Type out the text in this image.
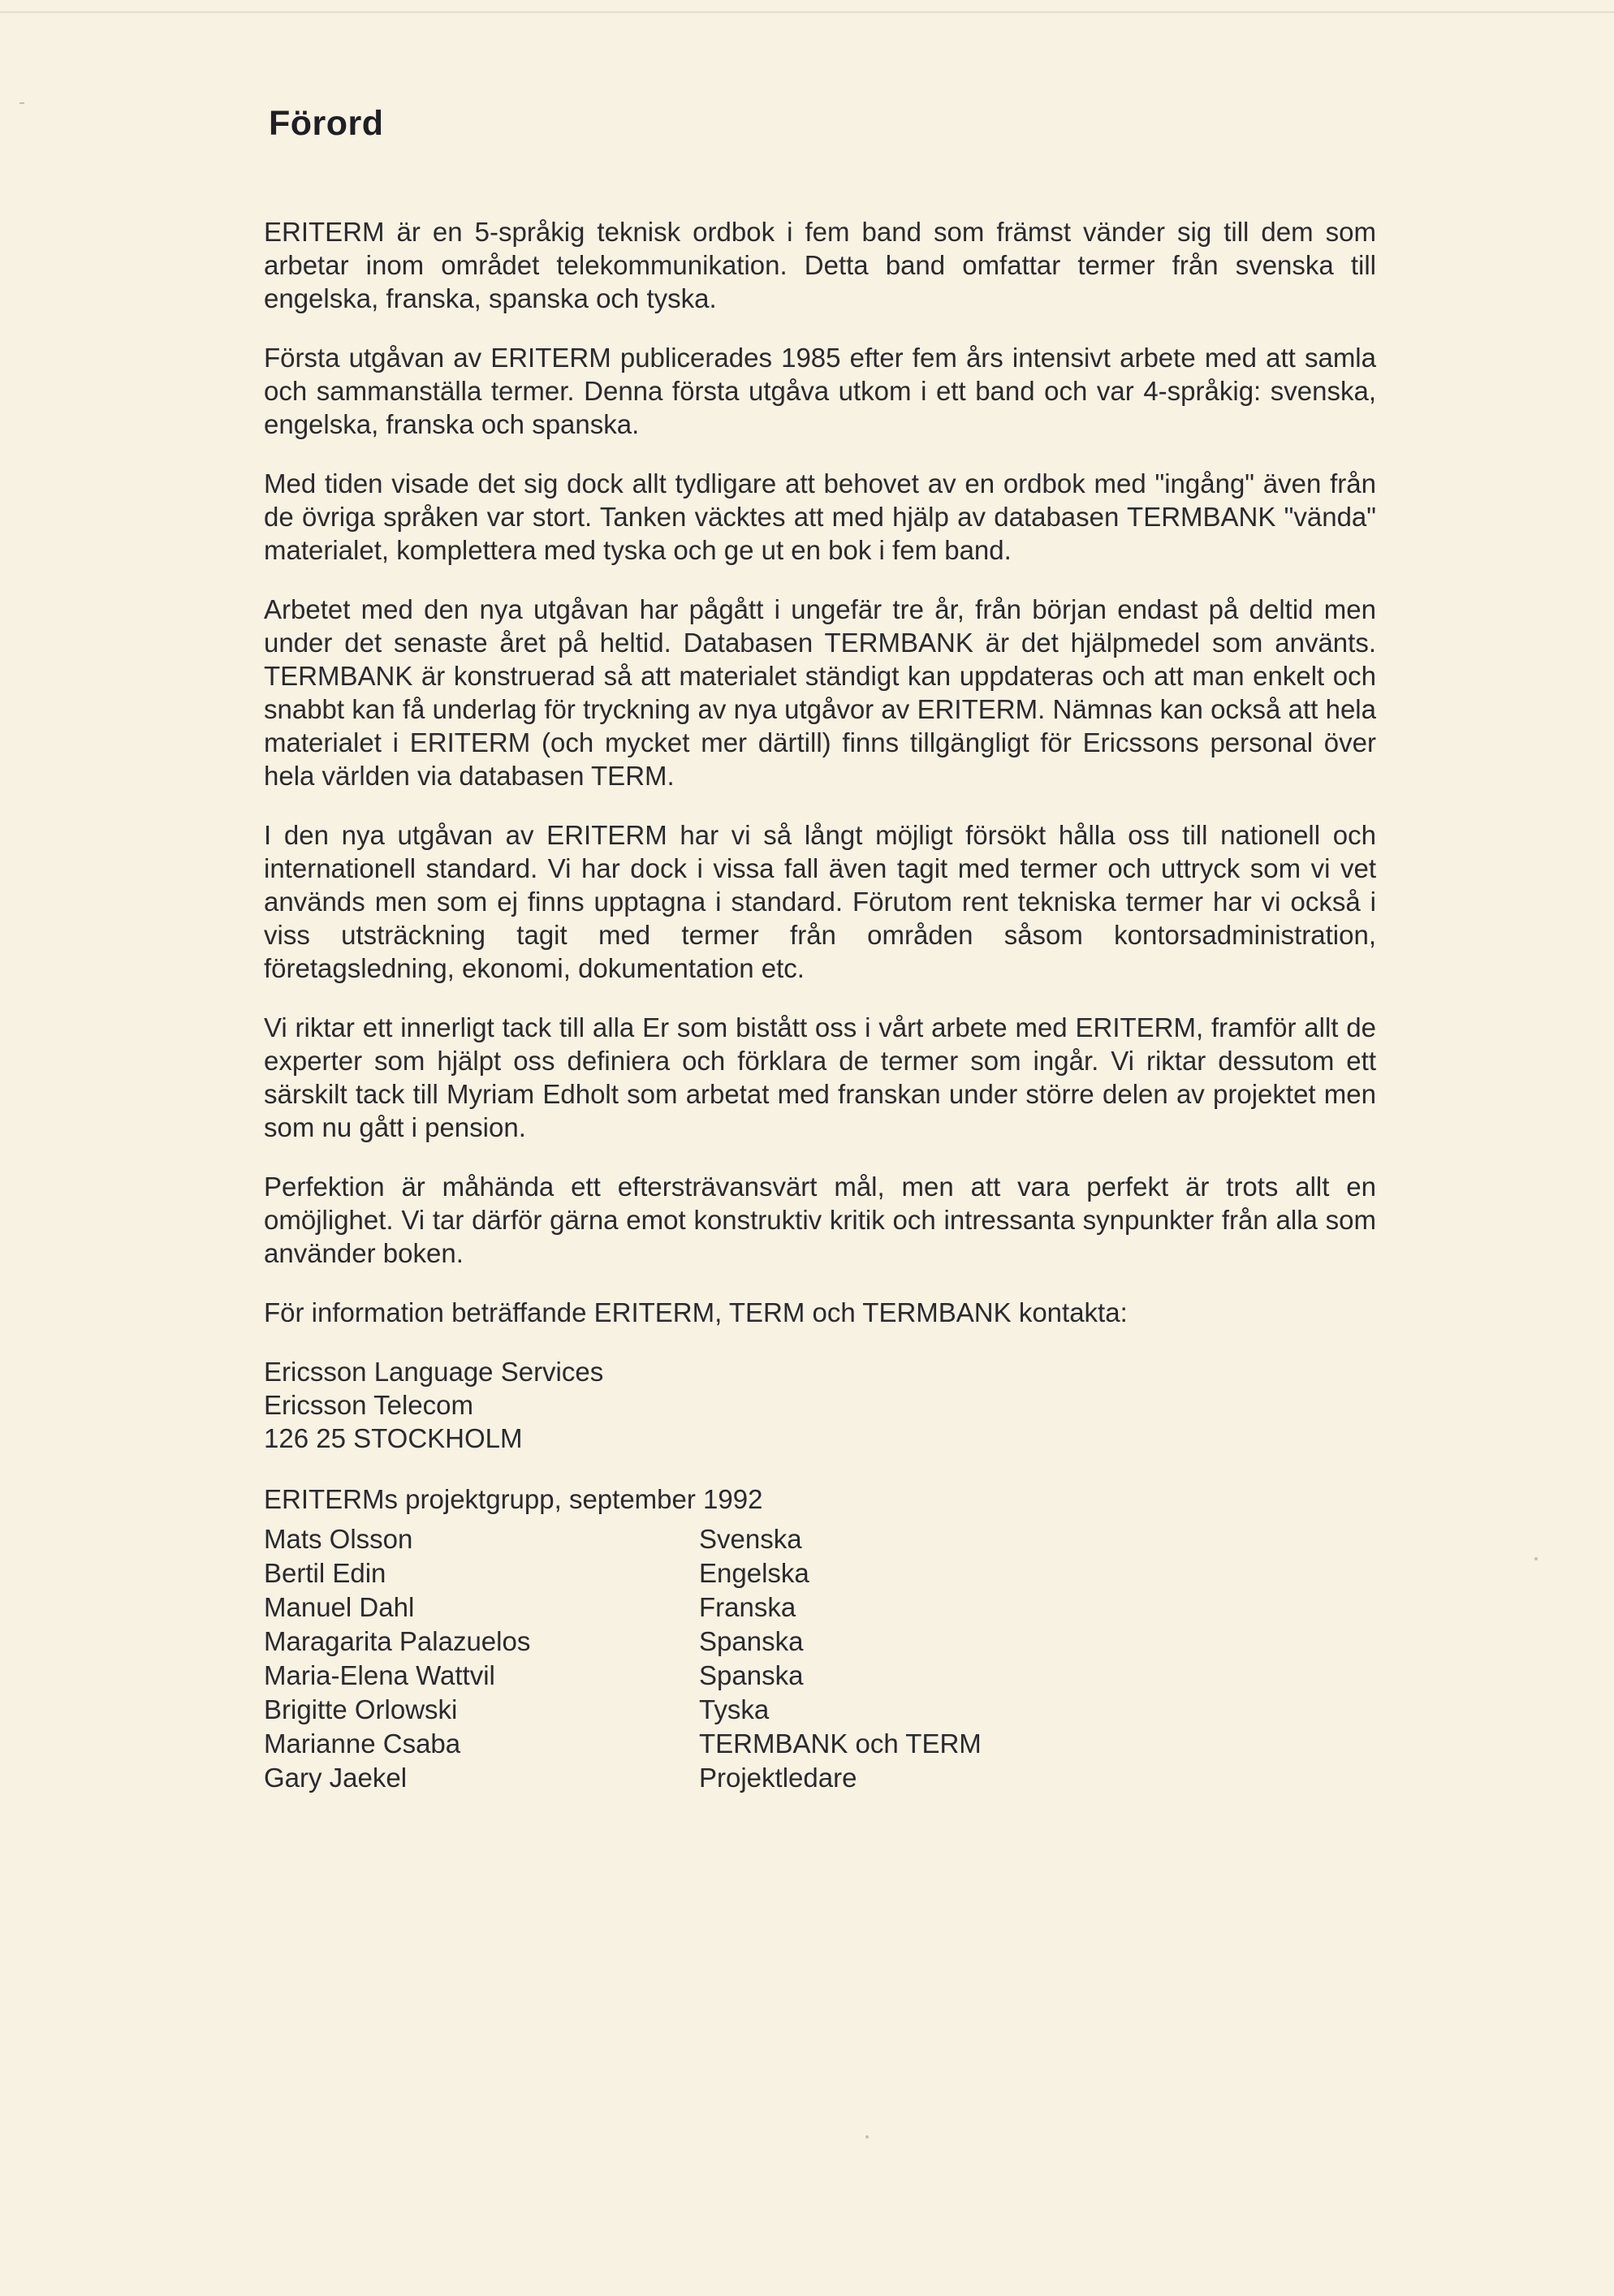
Förord

ERITERM är en 5-språkig teknisk ordbok i fem band som främst vänder sig till dem som arbetar inom området telekommunikation. Detta band omfattar termer från svenska till engelska, franska, spanska och tyska.

Första utgåvan av ERITERM publicerades 1985 efter fem års intensivt arbete med att samla och sammanställa termer. Denna första utgåva utkom i ett band och var 4-språkig: svenska, engelska, franska och spanska.

Med tiden visade det sig dock allt tydligare att behovet av en ordbok med "ingång" även från de övriga språken var stort. Tanken väcktes att med hjälp av databasen TERMBANK "vända" materialet, komplettera med tyska och ge ut en bok i fem band.

Arbetet med den nya utgåvan har pågått i ungefär tre år, från början endast på deltid men under det senaste året på heltid. Databasen TERMBANK är det hjälpmedel som använts. TERMBANK är konstruerad så att materialet ständigt kan uppdateras och att man enkelt och snabbt kan få underlag för tryckning av nya utgåvor av ERITERM. Nämnas kan också att hela materialet i ERITERM (och mycket mer därtill) finns tillgängligt för Ericssons personal över hela världen via databasen TERM.

I den nya utgåvan av ERITERM har vi så långt möjligt försökt hålla oss till nationell och internationell standard. Vi har dock i vissa fall även tagit med termer och uttryck som vi vet används men som ej finns upptagna i standard. Förutom rent tekniska termer har vi också i viss utsträckning tagit med termer från områden såsom kontorsadministration, företagsledning, ekonomi, dokumentation etc.

Vi riktar ett innerligt tack till alla Er som bistått oss i vårt arbete med ERITERM, framför allt de experter som hjälpt oss definiera och förklara de termer som ingår. Vi riktar dessutom ett särskilt tack till Myriam Edholt som arbetat med franskan under större delen av projektet men som nu gått i pension.

Perfektion är måhända ett eftersträvansvärt mål, men att vara perfekt är trots allt en omöjlighet. Vi tar därför gärna emot konstruktiv kritik och intressanta synpunkter från alla som använder boken.

För information beträffande ERITERM, TERM och TERMBANK kontakta:

Ericsson Language Services
Ericsson Telecom
126 25 STOCKHOLM
ERITERMs projektgrupp, september 1992
Mats Olsson	Svenska
Bertil Edin	Engelska
Manuel Dahl	Franska
Maragarita Palazuelos	Spanska
Maria-Elena Wattvil	Spanska
Brigitte Orlowski	Tyska
Marianne Csaba	TERMBANK och TERM
Gary Jaekel	Projektledare
